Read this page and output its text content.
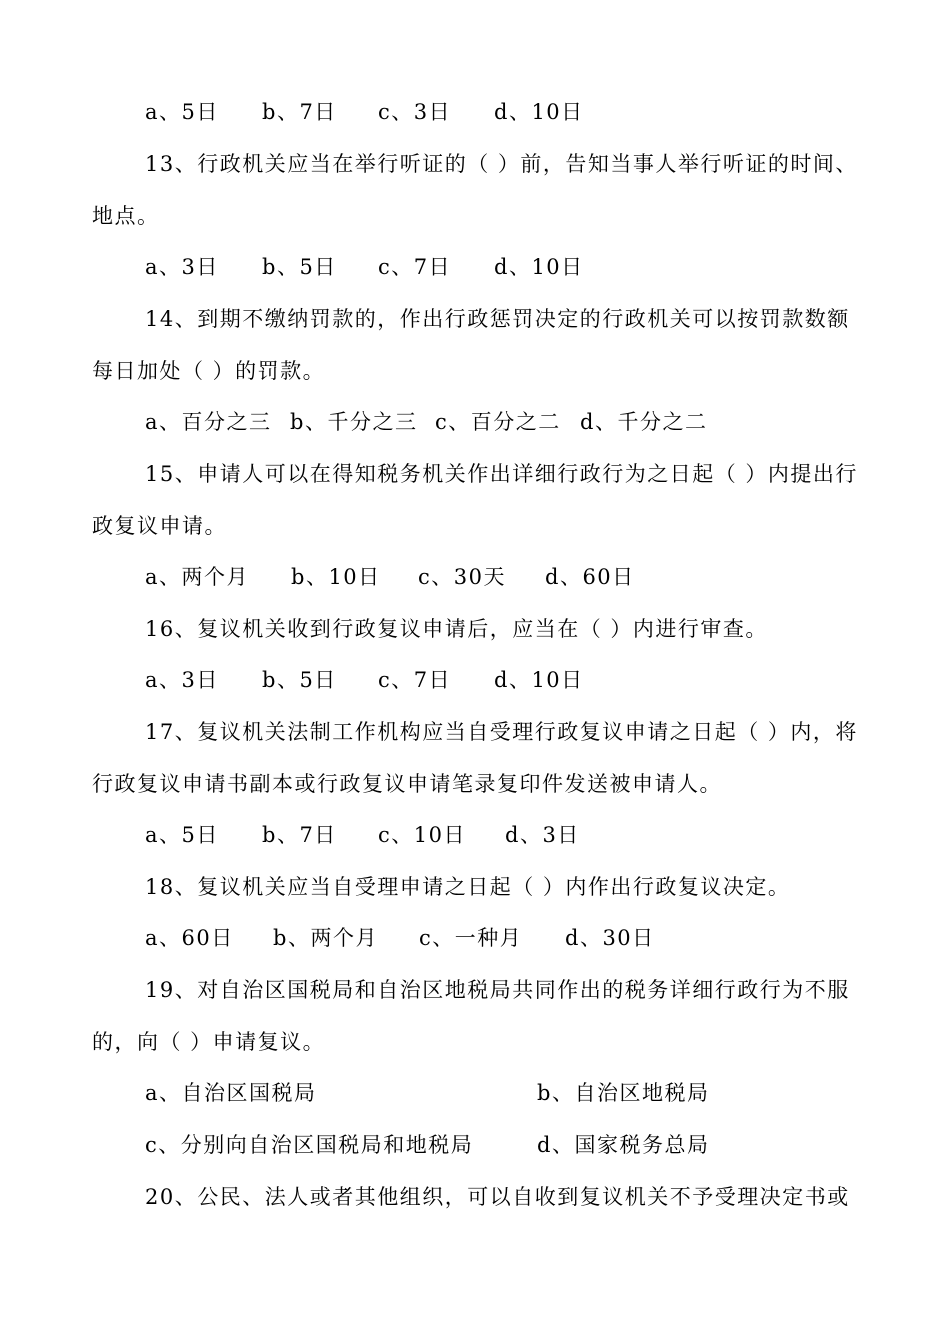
a、5日 b、7日 c、3日 d、10日
13、行政机关应当在举行听证的（ ）前，告知当事人举行听证的时间、
地点。
a、3日 b、5日 c、7日 d、10日
14、到期不缴纳罚款的，作出行政惩罚决定的行政机关可以按罚款数额
每日加处（ ）的罚款。
a、百分之三 b、千分之三 c、百分之二 d、千分之二
15、申请人可以在得知税务机关作出详细行政行为之日起（ ）内提出行
政复议申请。
a、两个月 b、10日 c、30天 d、60日
16、复议机关收到行政复议申请后，应当在（ ）内进行审查。
a、3日 b、5日 c、7日 d、10日
17、复议机关法制工作机构应当自受理行政复议申请之日起（ ）内，将
行政复议申请书副本或行政复议申请笔录复印件发送被申请人。
a、5日 b、7日 c、10日 d、3日
18、复议机关应当自受理申请之日起（ ）内作出行政复议决定。
a、60日 b、两个月 c、一种月 d、30日
19、对自治区国税局和自治区地税局共同作出的税务详细行政行为不服
的，向（ ）申请复议。
a、自治区国税局	b、自治区地税局
c、分别向自治区国税局和地税局	d、国家税务总局
20、公民、法人或者其他组织，可以自收到复议机关不予受理决定书或
